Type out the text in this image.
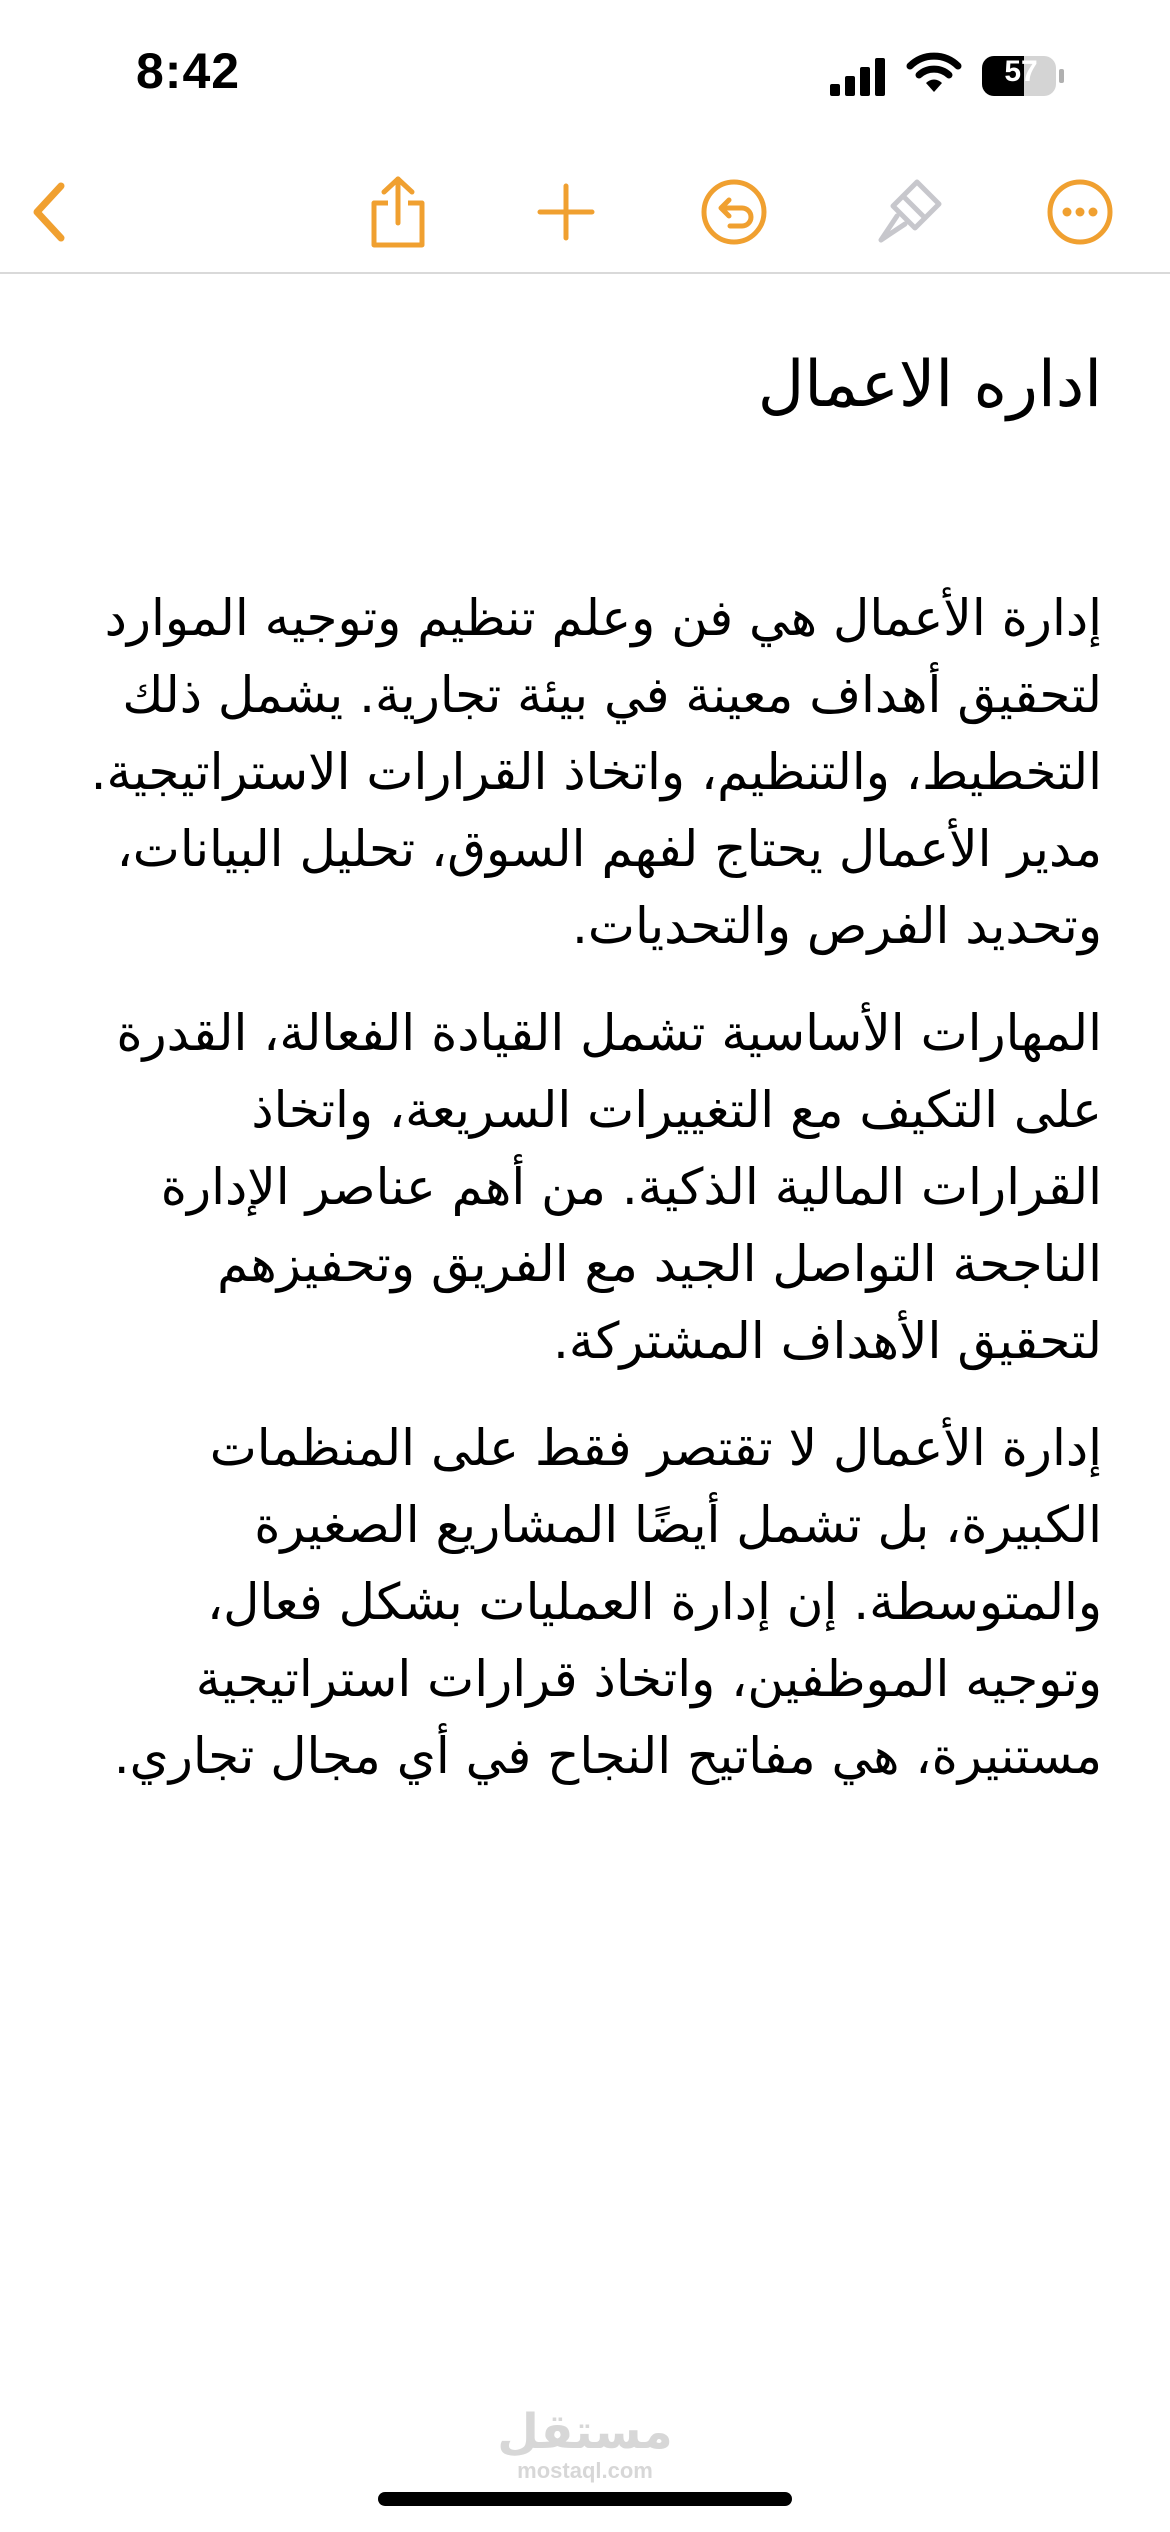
8:42	57
اداره الاعمال

إدارة الأعمال هي فن وعلم تنظيم وتوجيه الموارد لتحقيق أهداف معينة في بيئة تجارية. يشمل ذلك التخطيط، والتنظيم، واتخاذ القرارات الاستراتيجية. مدير الأعمال يحتاج لفهم السوق، تحليل البيانات، وتحديد الفرص والتحديات.

المهارات الأساسية تشمل القيادة الفعالة، القدرة على التكيف مع التغييرات السريعة، واتخاذ القرارات المالية الذكية. من أهم عناصر الإدارة الناجحة التواصل الجيد مع الفريق وتحفيزهم لتحقيق الأهداف المشتركة.

إدارة الأعمال لا تقتصر فقط على المنظمات الكبيرة، بل تشمل أيضًا المشاريع الصغيرة والمتوسطة. إن إدارة العمليات بشكل فعال، وتوجيه الموظفين، واتخاذ قرارات استراتيجية مستنيرة، هي مفاتيح النجاح في أي مجال تجاري.

مستقل
mostaql.com
